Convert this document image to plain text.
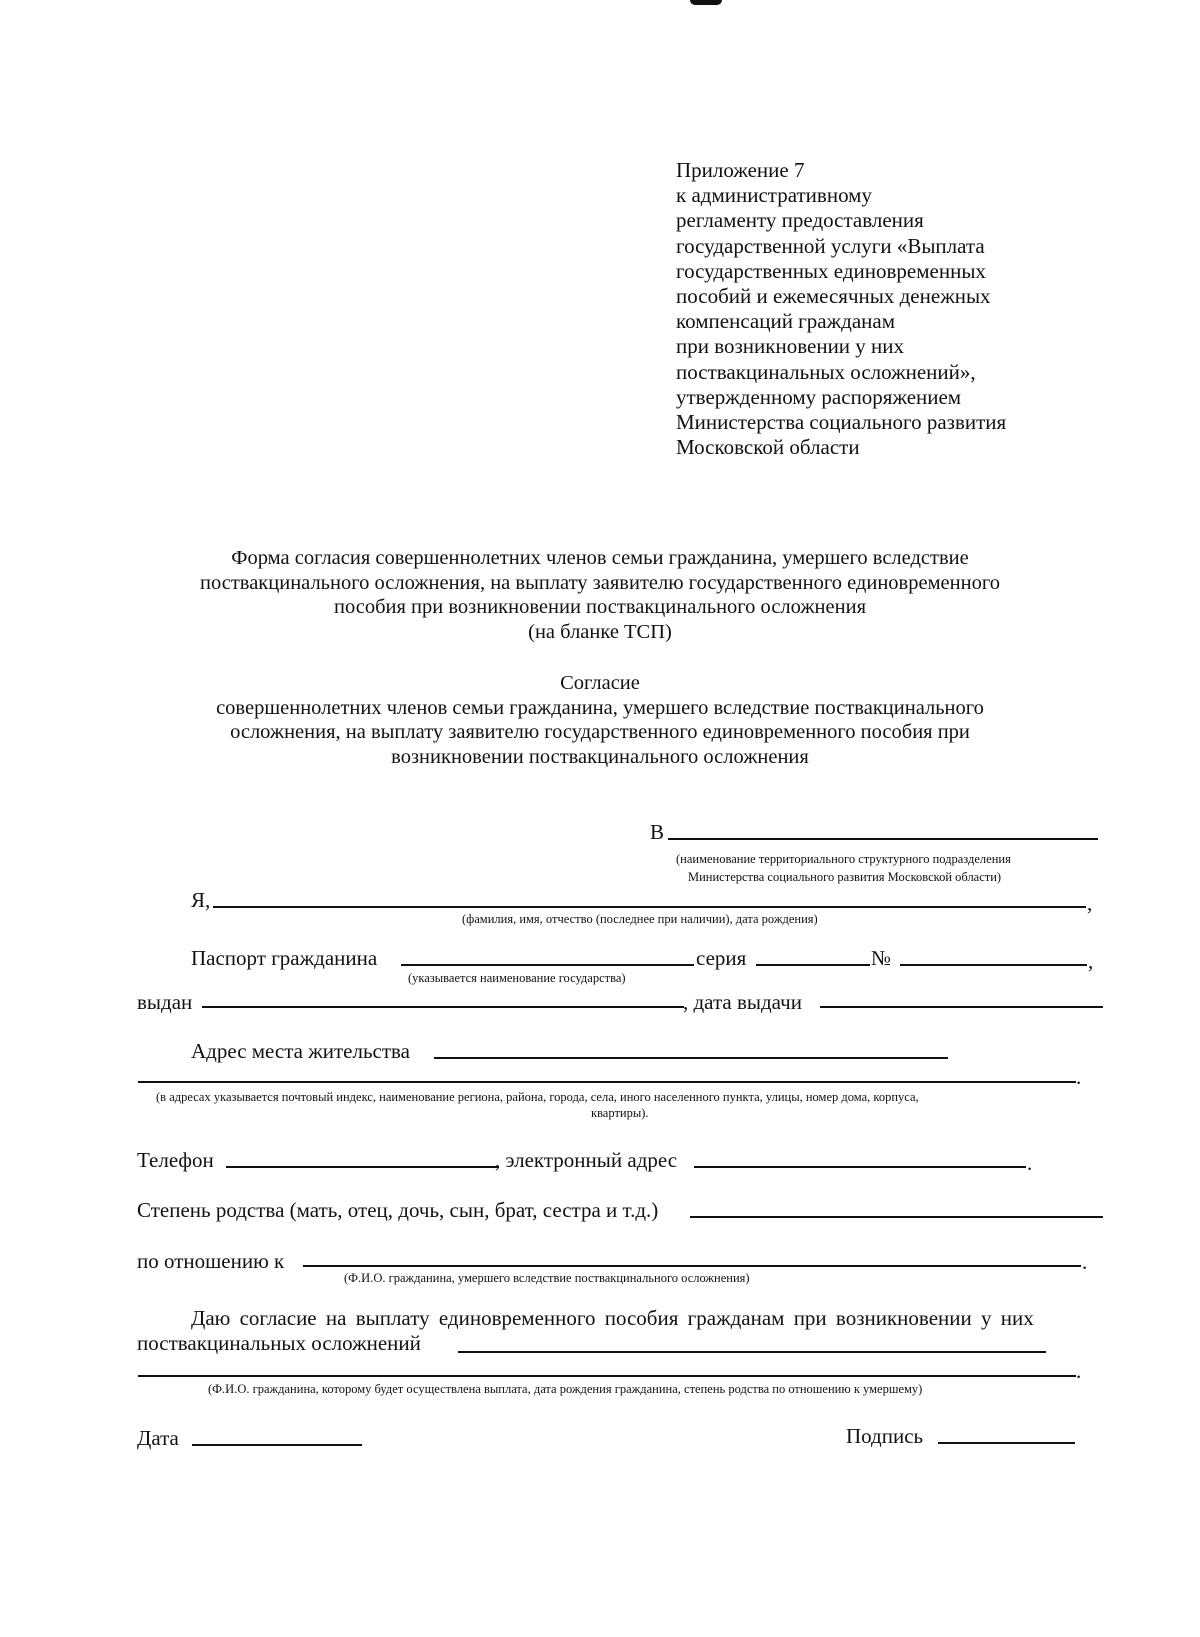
Приложение 7
к административному
регламенту предоставления
государственной услуги «Выплата
государственных единовременных
пособий и ежемесячных денежных
компенсаций гражданам
при возникновении у них
поствакцинальных осложнений»,
утвержденному распоряжением
Министерства социального развития
Московской области
Форма согласия совершеннолетних членов семьи гражданина, умершего вследствие
поствакцинального осложнения, на выплату заявителю государственного единовременного
пособия при возникновении поствакцинального осложнения
(на бланке ТСП)
Согласие
совершеннолетних членов семьи гражданина, умершего вследствие поствакцинального
осложнения, на выплату заявителю государственного единовременного пособия при
возникновении поствакцинального осложнения
В
(наименование территориального структурного подразделения
Министерства социального развития Московской области)
Я,	,
(фамилия, имя, отчество (последнее при наличии), дата рождения)
Паспорт гражданина	серия	№	,
(указывается наименование государства)
выдан	, дата выдачи
Адрес места жительства
.
(в адресах указывается почтовый индекс, наименование региона, района, города, села, иного населенного пункта, улицы, номер дома, корпуса,
квартиры).
Телефон	, электронный адрес	.
Степень родства (мать, отец, дочь, сын, брат, сестра и т.д.)
по отношению к	.
(Ф.И.О. гражданина, умершего вследствие поствакцинального осложнения)
Даю согласие на выплату единовременного пособия гражданам при возникновении у них
поствакцинальных осложнений
.
(Ф.И.О. гражданина, которому будет осуществлена выплата, дата рождения гражданина, степень родства по отношению к умершему)
Дата	Подпись
